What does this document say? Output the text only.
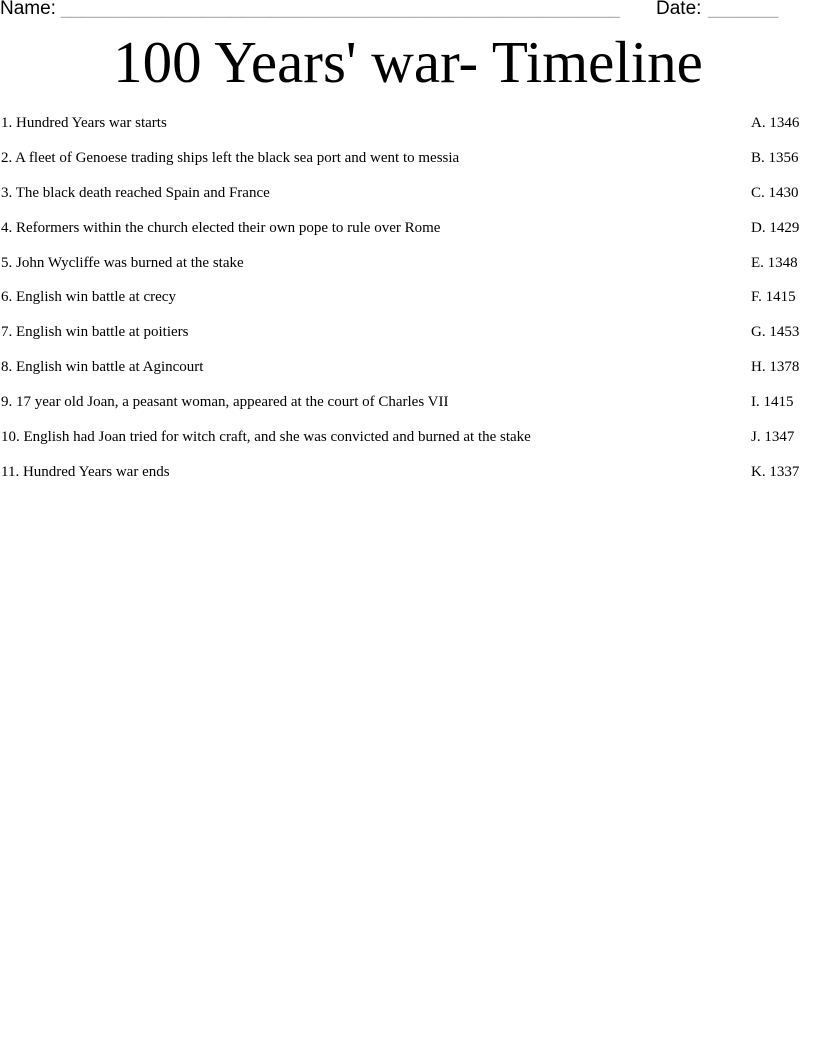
Name: ________________________________________________________ Date: _______
100 Years' war- Timeline
1. Hundred Years war starts	A. 1346
2. A fleet of Genoese trading ships left the black sea port and went to messia	B. 1356
3. The black death reached Spain and France	C. 1430
4. Reformers within the church elected their own pope to rule over Rome	D. 1429
5. John Wycliffe was burned at the stake	E. 1348
6. English win battle at crecy	F. 1415
7. English win battle at poitiers	G. 1453
8. English win battle at Agincourt	H. 1378
9. 17 year old Joan, a peasant woman, appeared at the court of Charles VII	I. 1415
10. English had Joan tried for witch craft, and she was convicted and burned at the stake	J. 1347
11. Hundred Years war ends	K. 1337
